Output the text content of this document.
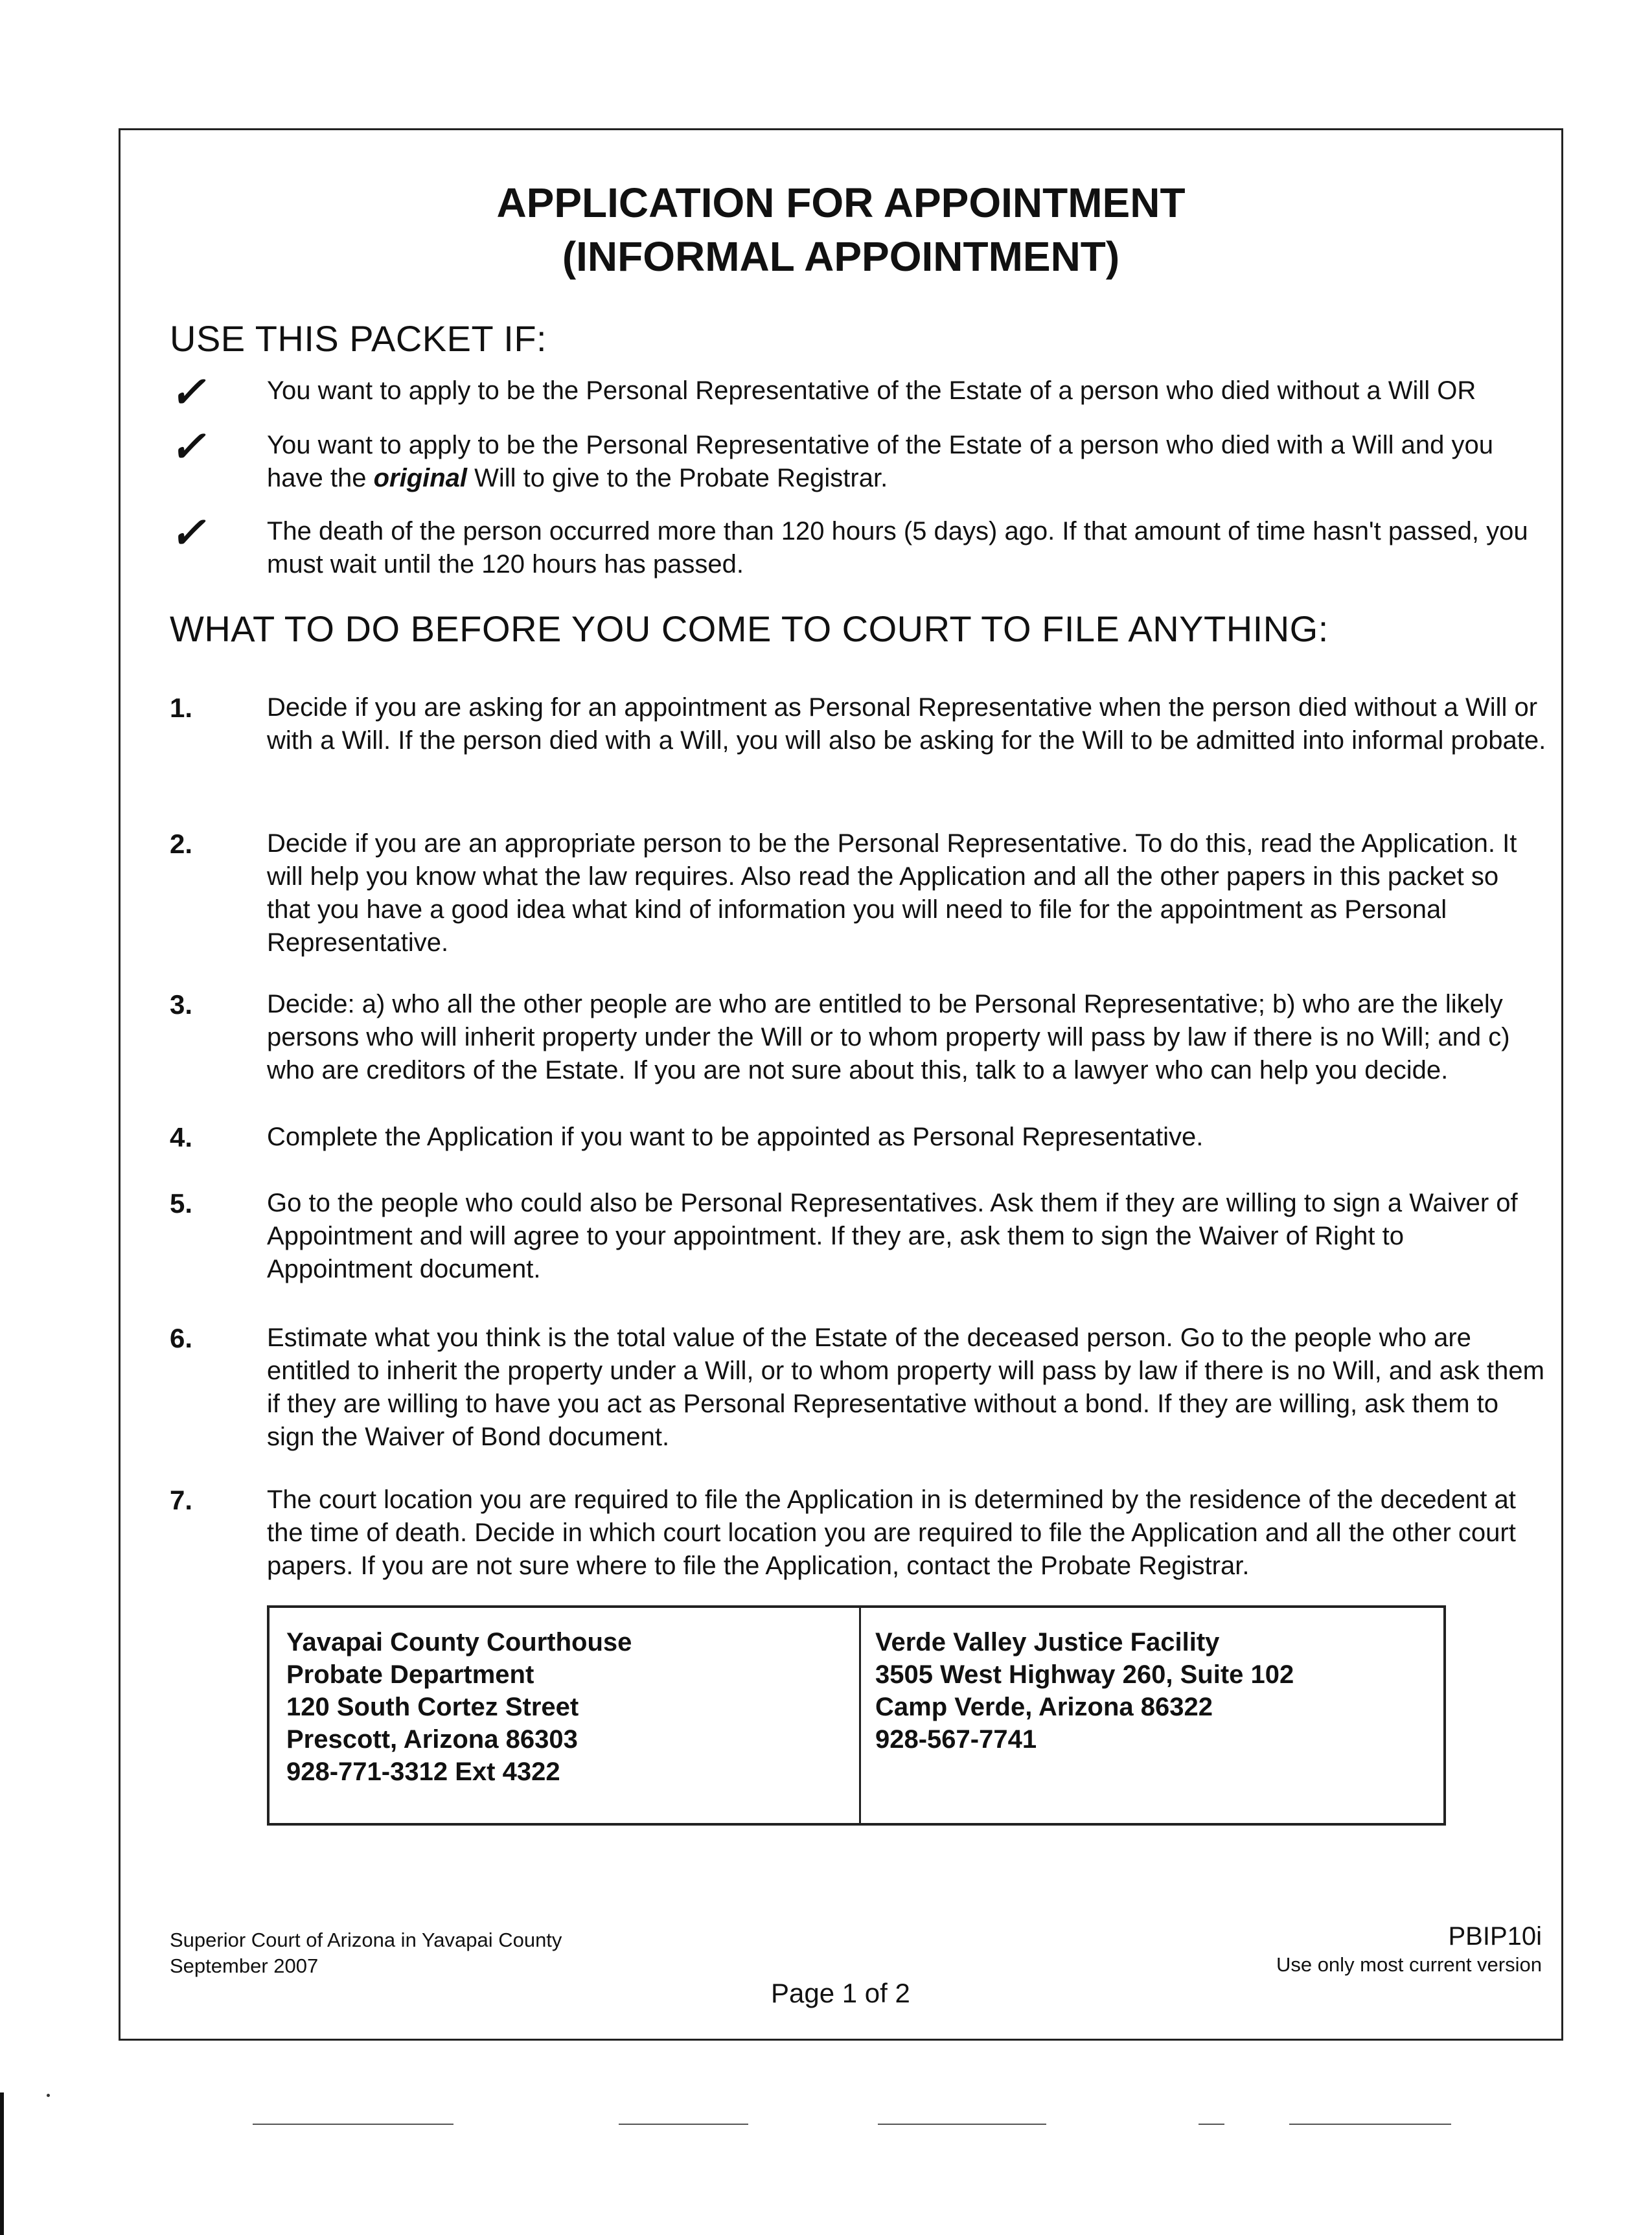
APPLICATION FOR APPOINTMENT
(INFORMAL APPOINTMENT)
USE THIS PACKET IF:
✓ You want to apply to be the Personal Representative of the Estate of a person who died without a Will OR
✓ You want to apply to be the Personal Representative of the Estate of a person who died with a Will and you have the original Will to give to the Probate Registrar.
✓ The death of the person occurred more than 120 hours (5 days) ago. If that amount of time hasn't passed, you must wait until the 120 hours has passed.
WHAT TO DO BEFORE YOU COME TO COURT TO FILE ANYTHING:
1.	Decide if you are asking for an appointment as Personal Representative when the person died without a Will or with a Will. If the person died with a Will, you will also be asking for the Will to be admitted into informal probate.
2.	Decide if you are an appropriate person to be the Personal Representative. To do this, read the Application. It will help you know what the law requires. Also read the Application and all the other papers in this packet so that you have a good idea what kind of information you will need to file for the appointment as Personal Representative.
3.	Decide: a) who all the other people are who are entitled to be Personal Representative; b) who are the likely persons who will inherit property under the Will or to whom property will pass by law if there is no Will; and c) who are creditors of the Estate. If you are not sure about this, talk to a lawyer who can help you decide.
4.	Complete the Application if you want to be appointed as Personal Representative.
5.	Go to the people who could also be Personal Representatives. Ask them if they are willing to sign a Waiver of Appointment and will agree to your appointment. If they are, ask them to sign the Waiver of Right to Appointment document.
6.	Estimate what you think is the total value of the Estate of the deceased person. Go to the people who are entitled to inherit the property under a Will, or to whom property will pass by law if there is no Will, and ask them if they are willing to have you act as Personal Representative without a bond. If they are willing, ask them to sign the Waiver of Bond document.
7.	The court location you are required to file the Application in is determined by the residence of the decedent at the time of death. Decide in which court location you are required to file the Application and all the other court papers. If you are not sure where to file the Application, contact the Probate Registrar.
Yavapai County Courthouse
Probate Department
120 South Cortez Street
Prescott, Arizona 86303
928-771-3312 Ext 4322
Verde Valley Justice Facility
3505 West Highway 260, Suite 102
Camp Verde, Arizona 86322
928-567-7741
Superior Court of Arizona in Yavapai County
September 2007
PBIP10i
Use only most current version
Page 1 of 2
